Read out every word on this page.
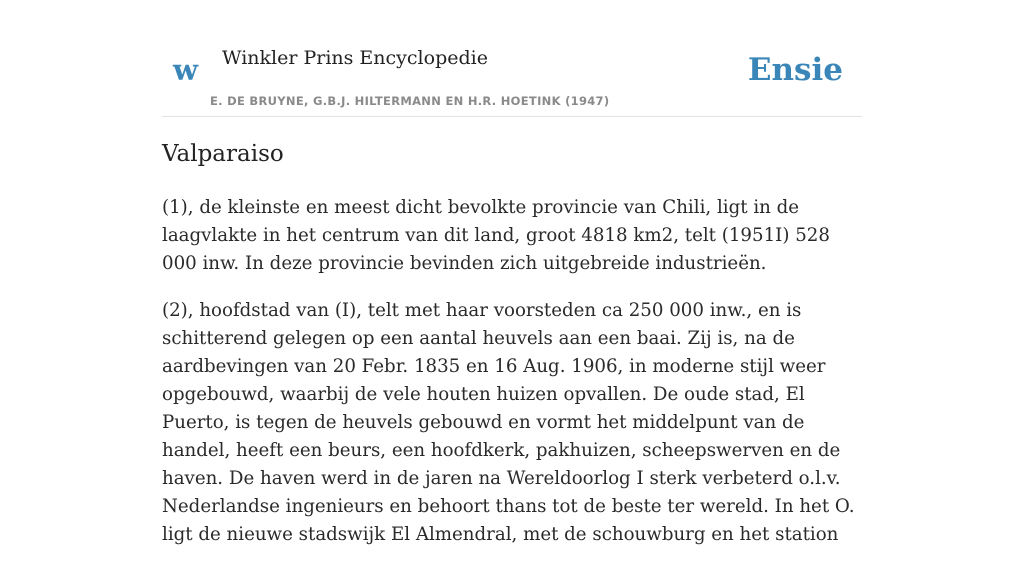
w Winkler Prins Encyclopedie
E. DE BRUYNE, G.B.J. HILTERMANN EN H.R. HOETINK (1947)
Ensie
Valparaiso

(1), de kleinste en meest dicht bevolkte provincie van Chili, ligt in de laagvlakte in het centrum van dit land, groot 4818 km2, telt (1951I) 528 000 inw. In deze provincie bevinden zich uitgebreide industrieën.

(2), hoofdstad van (I), telt met haar voorsteden ca 250 000 inw., en is schitterend gelegen op een aantal heuvels aan een baai. Zij is, na de aardbevingen van 20 Febr. 1835 en 16 Aug. 1906, in moderne stijl weer opgebouwd, waarbij de vele houten huizen opvallen. De oude stad, El Puerto, is tegen de heuvels gebouwd en vormt het middelpunt van de handel, heeft een beurs, een hoofdkerk, pakhuizen, scheepswerven en de haven. De haven werd in de jaren na Wereldoorlog I sterk verbeterd o.l.v. Nederlandse ingenieurs en behoort thans tot de beste ter wereld. In het O. ligt de nieuwe stadswijk El Almendral, met de schouwburg en het station
